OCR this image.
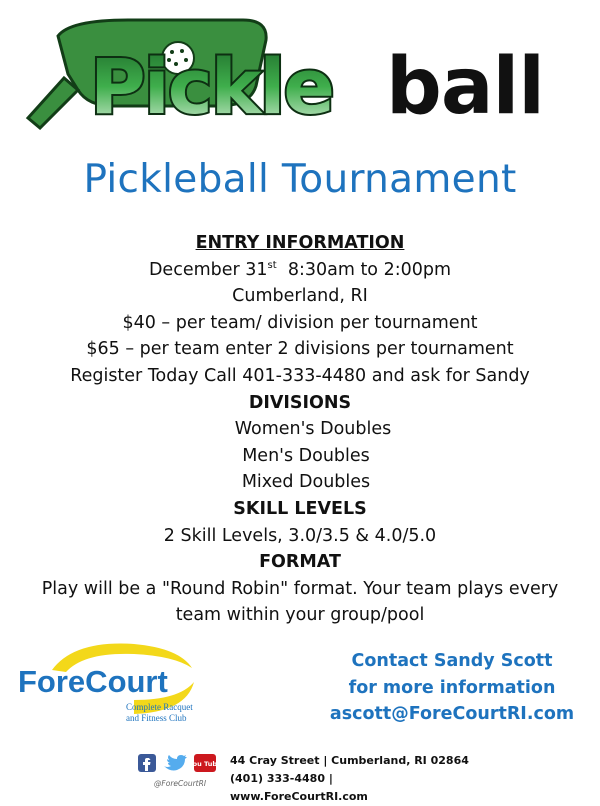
Pickle ball
Pickleball Tournament
ENTRY INFORMATION
December 31st 8:30am to 2:00pm
Cumberland, RI
$40 – per team/ division per tournament
$65 – per team enter 2 divisions per tournament
Register Today Call 401-333-4480 and ask for Sandy
DIVISIONS
Women's Doubles
Men's Doubles
Mixed Doubles
SKILL LEVELS
2 Skill Levels, 3.0/3.5 & 4.0/5.0
FORMAT
Play will be a "Round Robin" format. Your team plays every
team within your group/pool
ForeCourt
Complete Racquet
and Fitness Club
Contact Sandy Scott
for more information
ascott@ForeCourtRI.com
You Tube
@ForeCourtRI
44 Cray Street | Cumberland, RI 02864
(401) 333-4480 | www.ForeCourtRI.com
